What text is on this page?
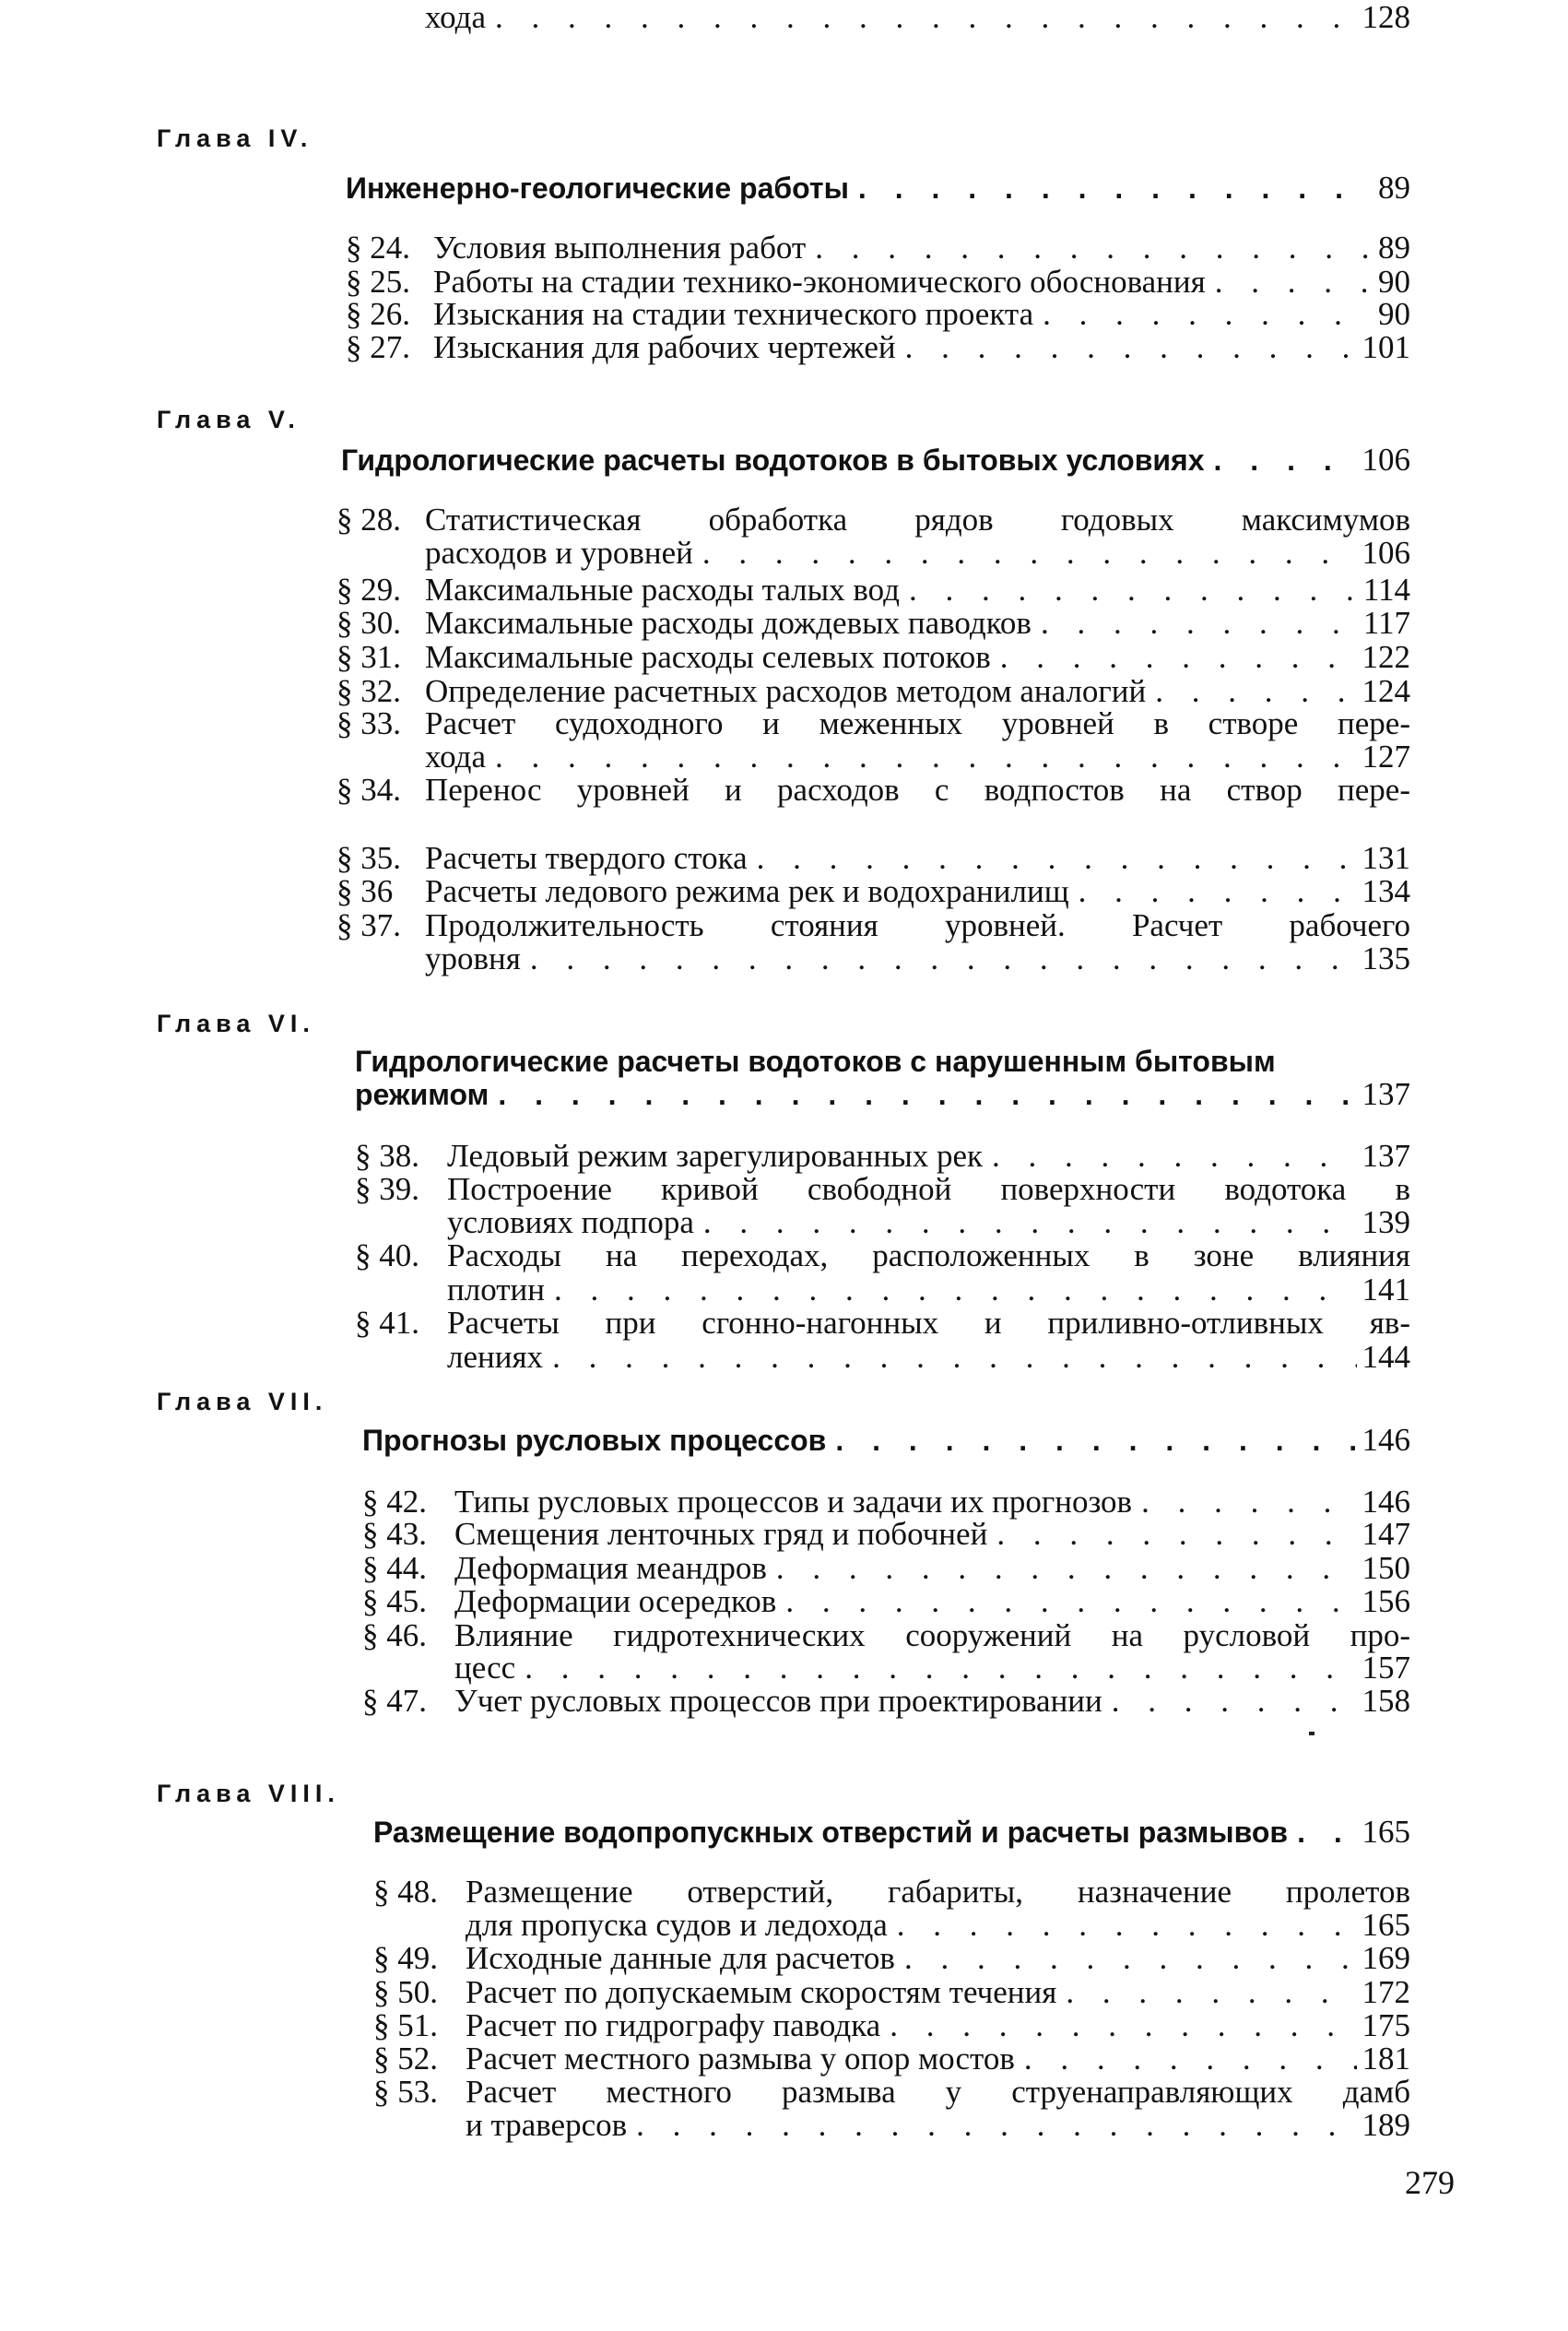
Глава IV.
Инженерно-геологические работы . . .	89
§ 24. Условия выполнения работ . . .	89
§ 25. Работы на стадии технико-экономического обоснования . . .	90
§ 26. Изыскания на стадии технического проекта . . .	90
§ 27. Изыскания для рабочих чертежей . . .	101
Глава V.
Гидрологические расчеты водотоков в бытовых условиях . . .	106
§ 28. Статистическая обработка рядов годовых максимумов
расходов и уровней . . .	106
§ 29. Максимальные расходы талых вод . . .	114
§ 30. Максимальные расходы дождевых паводков . . .	117
§ 31. Максимальные расходы селевых потоков . . .	122
§ 32. Определение расчетных расходов методом аналогий . . .	124
§ 33. Расчет судоходного и меженных уровней в створе пере-
хода . . .	127
§ 34. Перенос уровней и расходов с водпостов на створ пере-
хода . . .	128
§ 35. Расчеты твердого стока . . .	131
§ 36 Расчеты ледового режима рек и водохранилищ . . .	134
§ 37. Продолжительность стояния уровней. Расчет рабочего
уровня . . .	135
Глава VI.
Гидрологические расчеты водотоков с нарушенным бытовым
режимом . . .	137
§ 38. Ледовый режим зарегулированных рек . . .	137
§ 39. Построение кривой свободной поверхности водотока в
условиях подпора . . .	139
§ 40. Расходы на переходах, расположенных в зоне влияния
плотин . . .	141
§ 41. Расчеты при сгонно-нагонных и приливно-отливных яв-
лениях . . .	144
Глава VII.
Прогнозы русловых процессов . . .	146
§ 42. Типы русловых процессов и задачи их прогнозов . . .	146
§ 43. Смещения ленточных гряд и побочней . . .	147
§ 44. Деформация меандров . . .	150
§ 45. Деформации осередков . . .	156
§ 46. Влияние гидротехнических сооружений на русловой про-
цесс . . .	157
§ 47. Учет русловых процессов при проектировании . . .	158
Глава VIII.
Размещение водопропускных отверстий и расчеты размывов . . . 165
§ 48. Размещение отверстий, габариты, назначение пролетов
для пропуска судов и ледохода . . .	165
§ 49. Исходные данные для расчетов . . .	169
§ 50. Расчет по допускаемым скоростям течения . . .	172
§ 51. Расчет по гидрографу паводка . . .	175
§ 52. Расчет местного размыва у опор мостов . . .	181
§ 53. Расчет местного размыва у струенаправляющих дамб
и траверсов . . .	189
279
